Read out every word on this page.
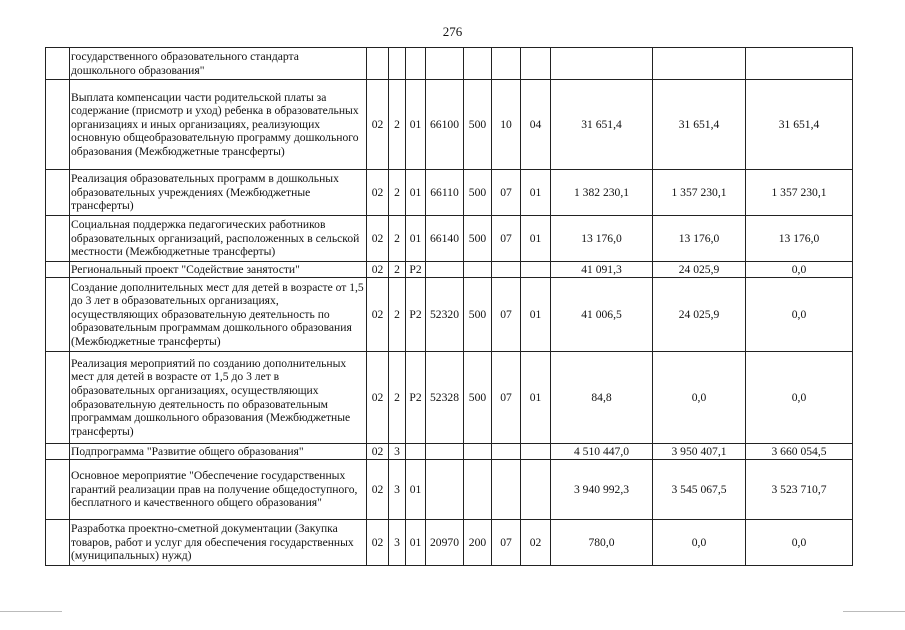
276
	государственного образовательного стандарта дошкольного образования"										
	Выплата компенсации части родительской платы за содержание (присмотр и уход) ребенка в образовательных организациях и иных организациях, реализующих основную общеобразовательную программу дошкольного образования (Межбюджетные трансферты)	02	2	01	66100	500	10	04	31 651,4	31 651,4	31 651,4
	Реализация образовательных программ в дошкольных образовательных учреждениях (Межбюджетные трансферты)	02	2	01	66110	500	07	01	1 382 230,1	1 357 230,1	1 357 230,1
	Социальная поддержка педагогических работников образовательных организаций, расположенных в сельской местности (Межбюджетные трансферты)	02	2	01	66140	500	07	01	13 176,0	13 176,0	13 176,0
	Региональный проект "Содействие занятости"	02	2	P2					41 091,3	24 025,9	0,0
	Создание дополнительных мест для детей в возрасте от 1,5 до 3 лет в образовательных организациях, осуществляющих образовательную деятельность по образовательным программам дошкольного образования (Межбюджетные трансферты)	02	2	P2	52320	500	07	01	41 006,5	24 025,9	0,0
	Реализация мероприятий по созданию дополнительных мест для детей в возрасте от 1,5 до 3 лет в образовательных организациях, осуществляющих образовательную деятельность по образовательным программам дошкольного образования (Межбюджетные трансферты)	02	2	P2	52328	500	07	01	84,8	0,0	0,0
	Подпрограмма "Развитие общего образования"	02	3						4 510 447,0	3 950 407,1	3 660 054,5
	Основное мероприятие "Обеспечение государственных гарантий реализации прав на получение общедоступного, бесплатного и качественного общего образования"	02	3	01					3 940 992,3	3 545 067,5	3 523 710,7
	Разработка проектно-сметной документации (Закупка товаров, работ и услуг для обеспечения государственных (муниципальных) нужд)	02	3	01	20970	200	07	02	780,0	0,0	0,0
